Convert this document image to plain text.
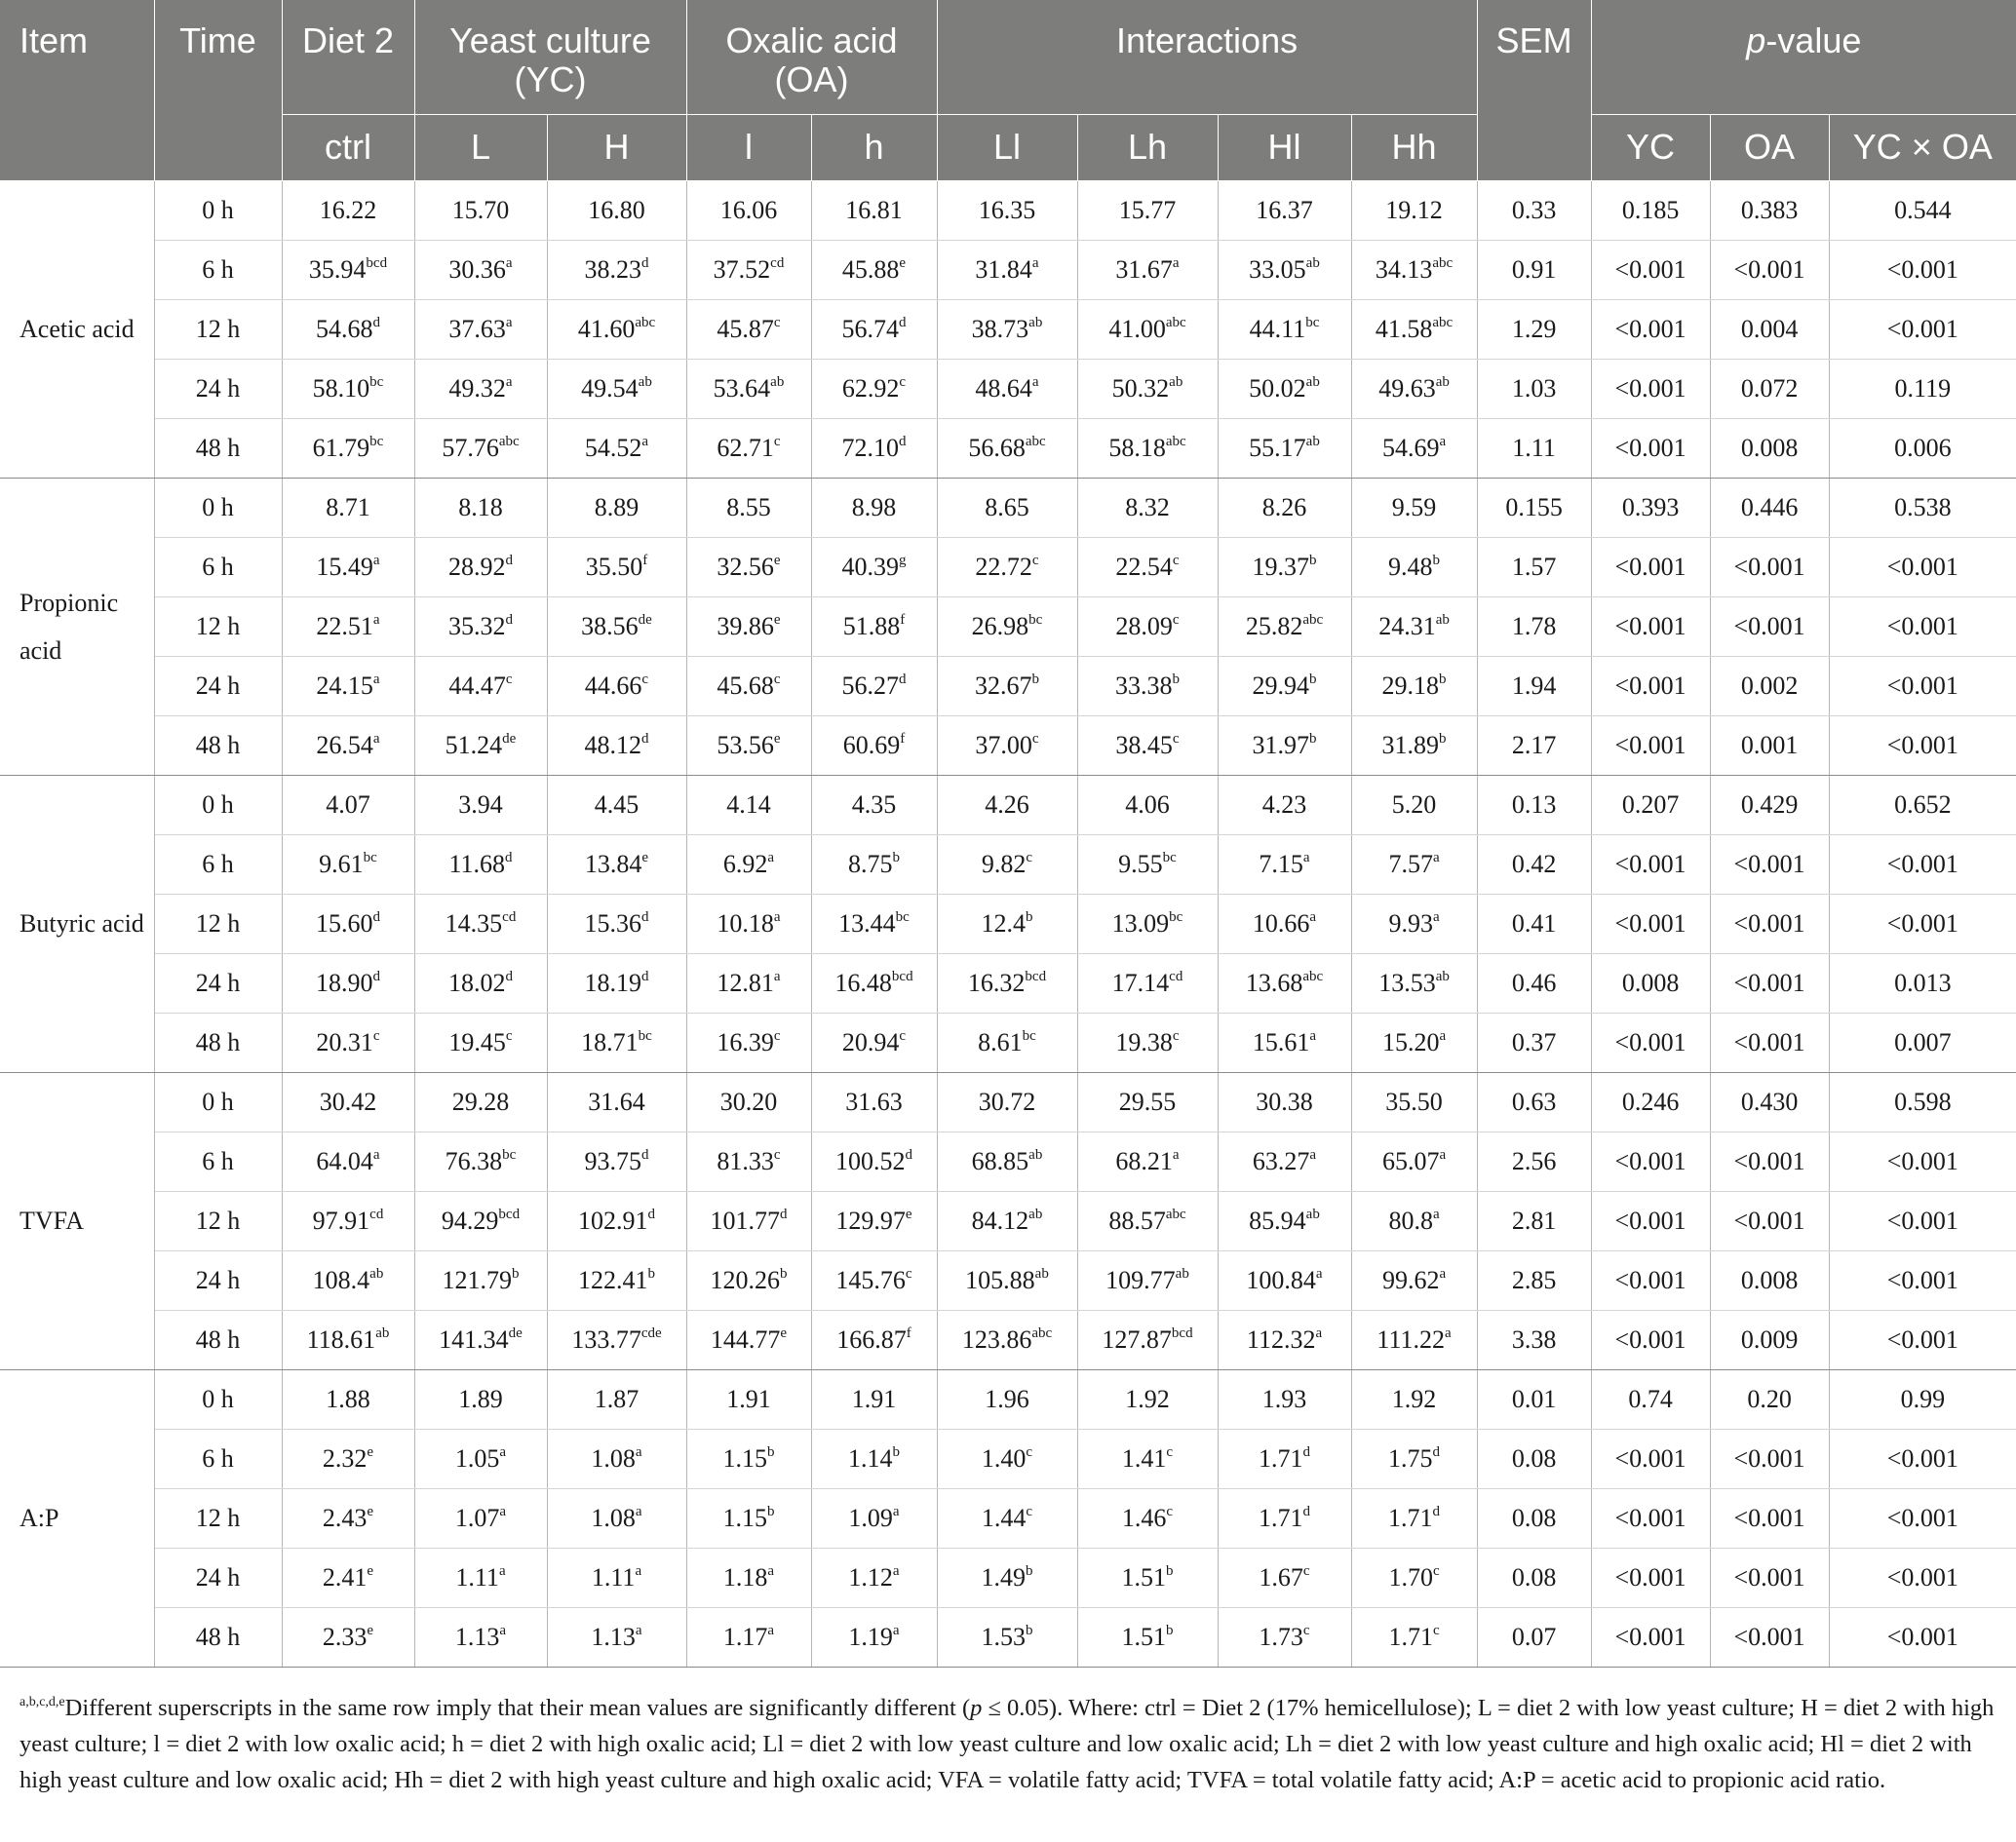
Item	Time	Diet 2	Yeast culture (YC)		Oxalic acid (OA)		Interactions				SEM	p-value		
		ctrl	L	H	l	h	Ll	Lh	Hl	Hh		YC	OA	YC × OA
Acetic acid	0 h	16.22	15.70	16.80	16.06	16.81	16.35	15.77	16.37	19.12	0.33	0.185	0.383	0.544
	6 h	35.94$^{bcd}$	30.36$^a$	38.23$^d$	37.52$^{cd}$	45.88e	31.84$^a$	31.67$^a$	33.05$^{ab}$	34.13$^{abc}$	0.91	<0.001	<0.001	<0.001
	12 h	54.68$^d$	37.63$^a$	41.60$^{abc}$	45.87$^c$	56.74$^d$	38.73$^{ab}$	41.00$^{abc}$	44.11$^{bc}$	41.58$^{abc}$	1.29	<0.001	0.004	<0.001
	24 h	58.10$^{bc}$	49.32$^a$	49.54$^{ab}$	53.64$^{ab}$	62.92$^c$	48.64$^a$	50.32$^{ab}$	50.02$^{ab}$	49.63$^{ab}$	1.03	<0.001	0.072	0.119
	48 h	61.79$^{bc}$	57.76$^{abc}$	54.52$^a$	62.71$^c$	72.10$^d$	56.68$^{abc}$	58.18$^{abc}$	55.17$^{ab}$	54.69$^a$	1.11	<0.001	0.008	0.006
Propionic acid	0 h	8.71	8.18	8.89	8.55	8.98	8.65	8.32	8.26	9.59	0.155	0.393	0.446	0.538
	6 h	15.49$^a$	28.92$^d$	35.50$^f$	32.56e	40.39$^g$	22.72$^c$	22.54$^c$	19.37$^b$	9.48$^b$	1.57	<0.001	<0.001	<0.001
	12 h	22.51$^a$	35.32$^d$	38.56de	39.86e	51.88$^f$	26.98$^{bc}$	28.09$^c$	25.82$^{abc}$	24.31$^{ab}$	1.78	<0.001	<0.001	<0.001
	24 h	24.15$^a$	44.47$^c$	44.66$^c$	45.68$^c$	56.27$^d$	32.67$^b$	33.38$^b$	29.94$^b$	29.18$^b$	1.94	<0.001	0.002	<0.001
	48 h	26.54$^a$	51.24de	48.12$^d$	53.56e	60.69$^f$	37.00$^c$	38.45$^c$	31.97$^b$	31.89$^b$	2.17	<0.001	0.001	<0.001
Butyric acid	0 h	4.07	3.94	4.45	4.14	4.35	4.26	4.06	4.23	5.20	0.13	0.207	0.429	0.652
	6 h	9.61$^{bc}$	11.68$^d$	13.84e	6.92$^a$	8.75$^b$	9.82$^c$	9.55$^{bc}$	7.15$^a$	7.57$^a$	0.42	<0.001	<0.001	<0.001
	12 h	15.60$^d$	14.35$^{cd}$	15.36$^d$	10.18$^a$	13.44$^{bc}$	12.4$^b$	13.09$^{bc}$	10.66$^a$	9.93$^a$	0.41	<0.001	<0.001	<0.001
	24 h	18.90$^d$	18.02$^d$	18.19$^d$	12.81$^a$	16.48$^{bcd}$	16.32$^{bcd}$	17.14$^{cd}$	13.68$^{abc}$	13.53$^{ab}$	0.46	0.008	<0.001	0.013
	48 h	20.31$^c$	19.45$^c$	18.71$^{bc}$	16.39$^c$	20.94$^c$	8.61$^{bc}$	19.38$^c$	15.61$^a$	15.20$^a$	0.37	<0.001	<0.001	0.007
TVFA	0 h	30.42	29.28	31.64	30.20	31.63	30.72	29.55	30.38	35.50	0.63	0.246	0.430	0.598
	6 h	64.04$^a$	76.38$^{bc}$	93.75$^d$	81.33$^c$	100.52$^d$	68.85$^{ab}$	68.21$^a$	63.27$^a$	65.07$^a$	2.56	<0.001	<0.001	<0.001
	12 h	97.91$^{cd}$	94.29$^{bcd}$	102.91$^d$	101.77$^d$	129.97e	84.12$^{ab}$	88.57$^{abc}$	85.94$^{ab}$	80.8$^a$	2.81	<0.001	<0.001	<0.001
	24 h	108.4$^{ab}$	121.79$^b$	122.41$^b$	120.26$^b$	145.76$^c$	105.88$^{ab}$	109.77$^{ab}$	100.84$^a$	99.62$^a$	2.85	<0.001	0.008	<0.001
	48 h	118.61$^{ab}$	141.34de	133.77$^{cde}$	144.77e	166.87$^f$	123.86$^{abc}$	127.87$^{bcd}$	112.32$^a$	111.22$^a$	3.38	<0.001	0.009	<0.001
A:P	0 h	1.88	1.89	1.87	1.91	1.91	1.96	1.92	1.93	1.92	0.01	0.74	0.20	0.99
	6 h	2.32e	1.05$^a$	1.08$^a$	1.15$^b$	1.14$^b$	1.40$^c$	1.41$^c$	1.71$^d$	1.75$^d$	0.08	<0.001	<0.001	<0.001
	12 h	2.43e	1.07$^a$	1.08$^a$	1.15$^b$	1.09$^a$	1.44$^c$	1.46$^c$	1.71$^d$	1.71$^d$	0.08	<0.001	<0.001	<0.001
	24 h	2.41e	1.11$^a$	1.11$^a$	1.18$^a$	1.12$^a$	1.49$^b$	1.51$^b$	1.67$^c$	1.70$^c$	0.08	<0.001	<0.001	<0.001
	48 h	2.33e	1.13$^a$	1.13$^a$	1.17$^a$	1.19$^a$	1.53$^b$	1.51$^b$	1.73$^c$	1.71$^c$	0.07	<0.001	<0.001	<0.001
$^{a,b,c,d,e}$Different superscripts in the same row imply that their mean values are significantly different (p ≤ 0.05). Where: ctrl = Diet 2 (17% hemicellulose); L = diet 2 with low yeast culture; H = diet 2 with high yeast culture; l = diet 2 with low oxalic acid; h = diet 2 with high oxalic acid; Ll = diet 2 with low yeast culture and low oxalic acid; Lh = diet 2 with low yeast culture and high oxalic acid; Hl = diet 2 with high yeast culture and low oxalic acid; Hh = diet 2 with high yeast culture and high oxalic acid; VFA = volatile fatty acid; TVFA = total volatile fatty acid; A:P = acetic acid to propionic acid ratio.
